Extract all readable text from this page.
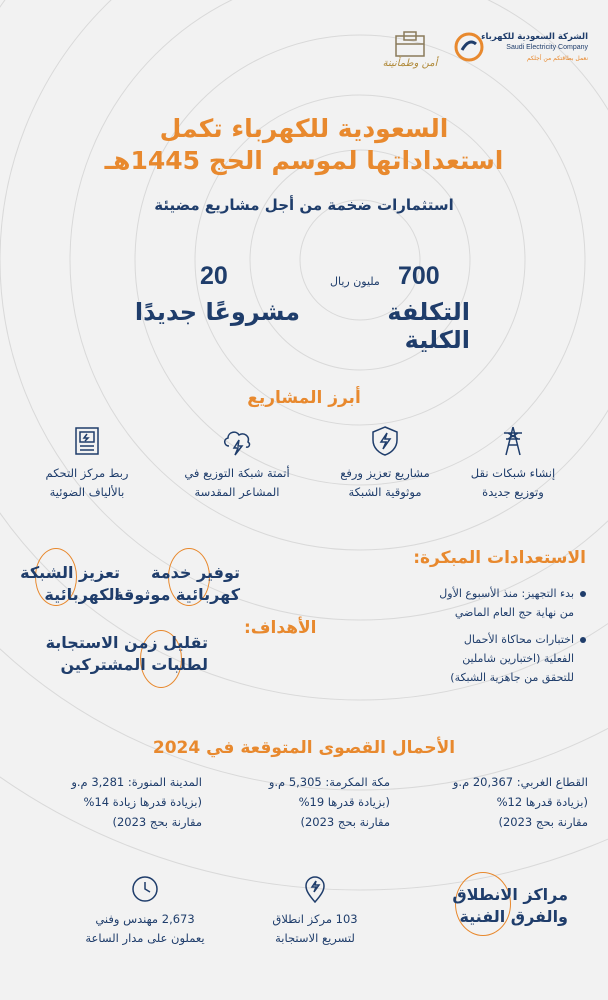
الشركة السعودية للكهرباء
Saudi Electricity Company
نعمل بطاقتكم من أجلكم
أمن وطمأنينة
السعودية للكهرباء تكمل
استعداداتها لموسم الحج 1445هـ
استثمارات ضخمة من أجل مشاريع مضيئة
700
مليون ريال
التكلفة الكلية
20
مشروعًا جديدًا
أبرز المشاريع
إنشاء شبكات نقل
وتوزيع جديدة
مشاريع تعزيز ورفع
موثوقية الشبكة
أتمتة شبكة التوزيع في
المشاعر المقدسة
ربط مركز التحكم
بالألياف الضوئية
الاستعدادات المبكرة:
بدء التجهيز: منذ الأسبوع الأول
من نهاية حج العام الماضي
اختبارات محاكاة الأحمال
الفعلية (اختبارين شاملين
للتحقق من جاهزية الشبكة)
تعزيز الشبكة
الكهربائية
توفير خدمة
كهربائية موثوقة
الأهداف:
تقليل زمن الاستجابة
لطلبات المشتركين
الأحمال القصوى المتوقعة في 2024
القطاع الغربي: 20,367 م.و
(بزيادة قدرها 12%
مقارنة بحج 2023)
مكة المكرمة: 5,305 م.و
(بزيادة قدرها 19%
مقارنة بحج 2023)
المدينة المنورة: 3,281 م.و
(بزيادة قدرها زيادة 14%
مقارنة بحج 2023)
مراكز الانطلاق
والفرق الفنية
103 مركز انطلاق
لتسريع الاستجابة
2,673 مهندس وفني
يعملون على مدار الساعة
